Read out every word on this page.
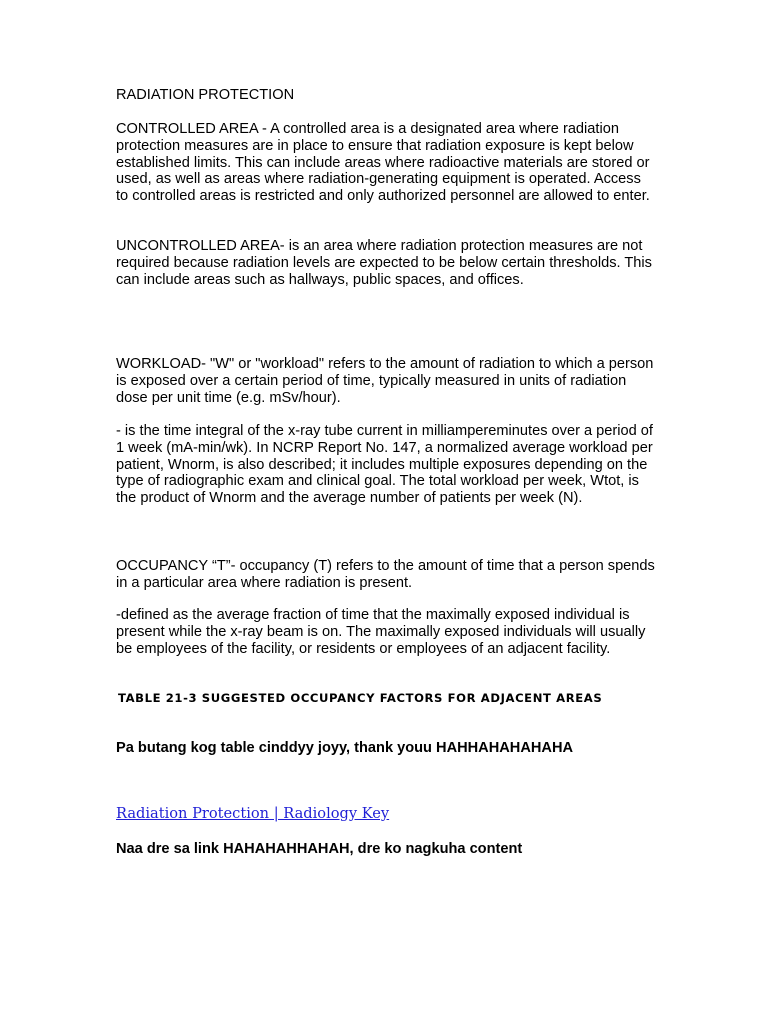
RADIATION PROTECTION

CONTROLLED AREA - A controlled area is a designated area where radiation protection measures are in place to ensure that radiation exposure is kept below established limits. This can include areas where radioactive materials are stored or used, as well as areas where radiation-generating equipment is operated. Access to controlled areas is restricted and only authorized personnel are allowed to enter.

UNCONTROLLED AREA- is an area where radiation protection measures are not required because radiation levels are expected to be below certain thresholds. This can include areas such as hallways, public spaces, and offices.

WORKLOAD- "W" or "workload" refers to the amount of radiation to which a person is exposed over a certain period of time, typically measured in units of radiation dose per unit time (e.g. mSv/hour).

- is the time integral of the x-ray tube current in milliampereminutes over a period of 1 week (mA-min/wk). In NCRP Report No. 147, a normalized average workload per patient, Wnorm, is also described; it includes multiple exposures depending on the type of radiographic exam and clinical goal. The total workload per week, Wtot, is the product of Wnorm and the average number of patients per week (N).

OCCUPANCY “T”- occupancy (T) refers to the amount of time that a person spends in a particular area where radiation is present.

-defined as the average fraction of time that the maximally exposed individual is present while the x-ray beam is on. The maximally exposed individuals will usually be employees of the facility, or residents or employees of an adjacent facility.

TABLE 21-3 SUGGESTED OCCUPANCY FACTORS FOR ADJACENT AREAS
Pa butang kog table cinddyy joyy, thank youu HAHHAHAHAHAHA
Radiation Protection | Radiology Key
Naa dre sa link HAHAHAHHAHAH, dre ko nagkuha content
